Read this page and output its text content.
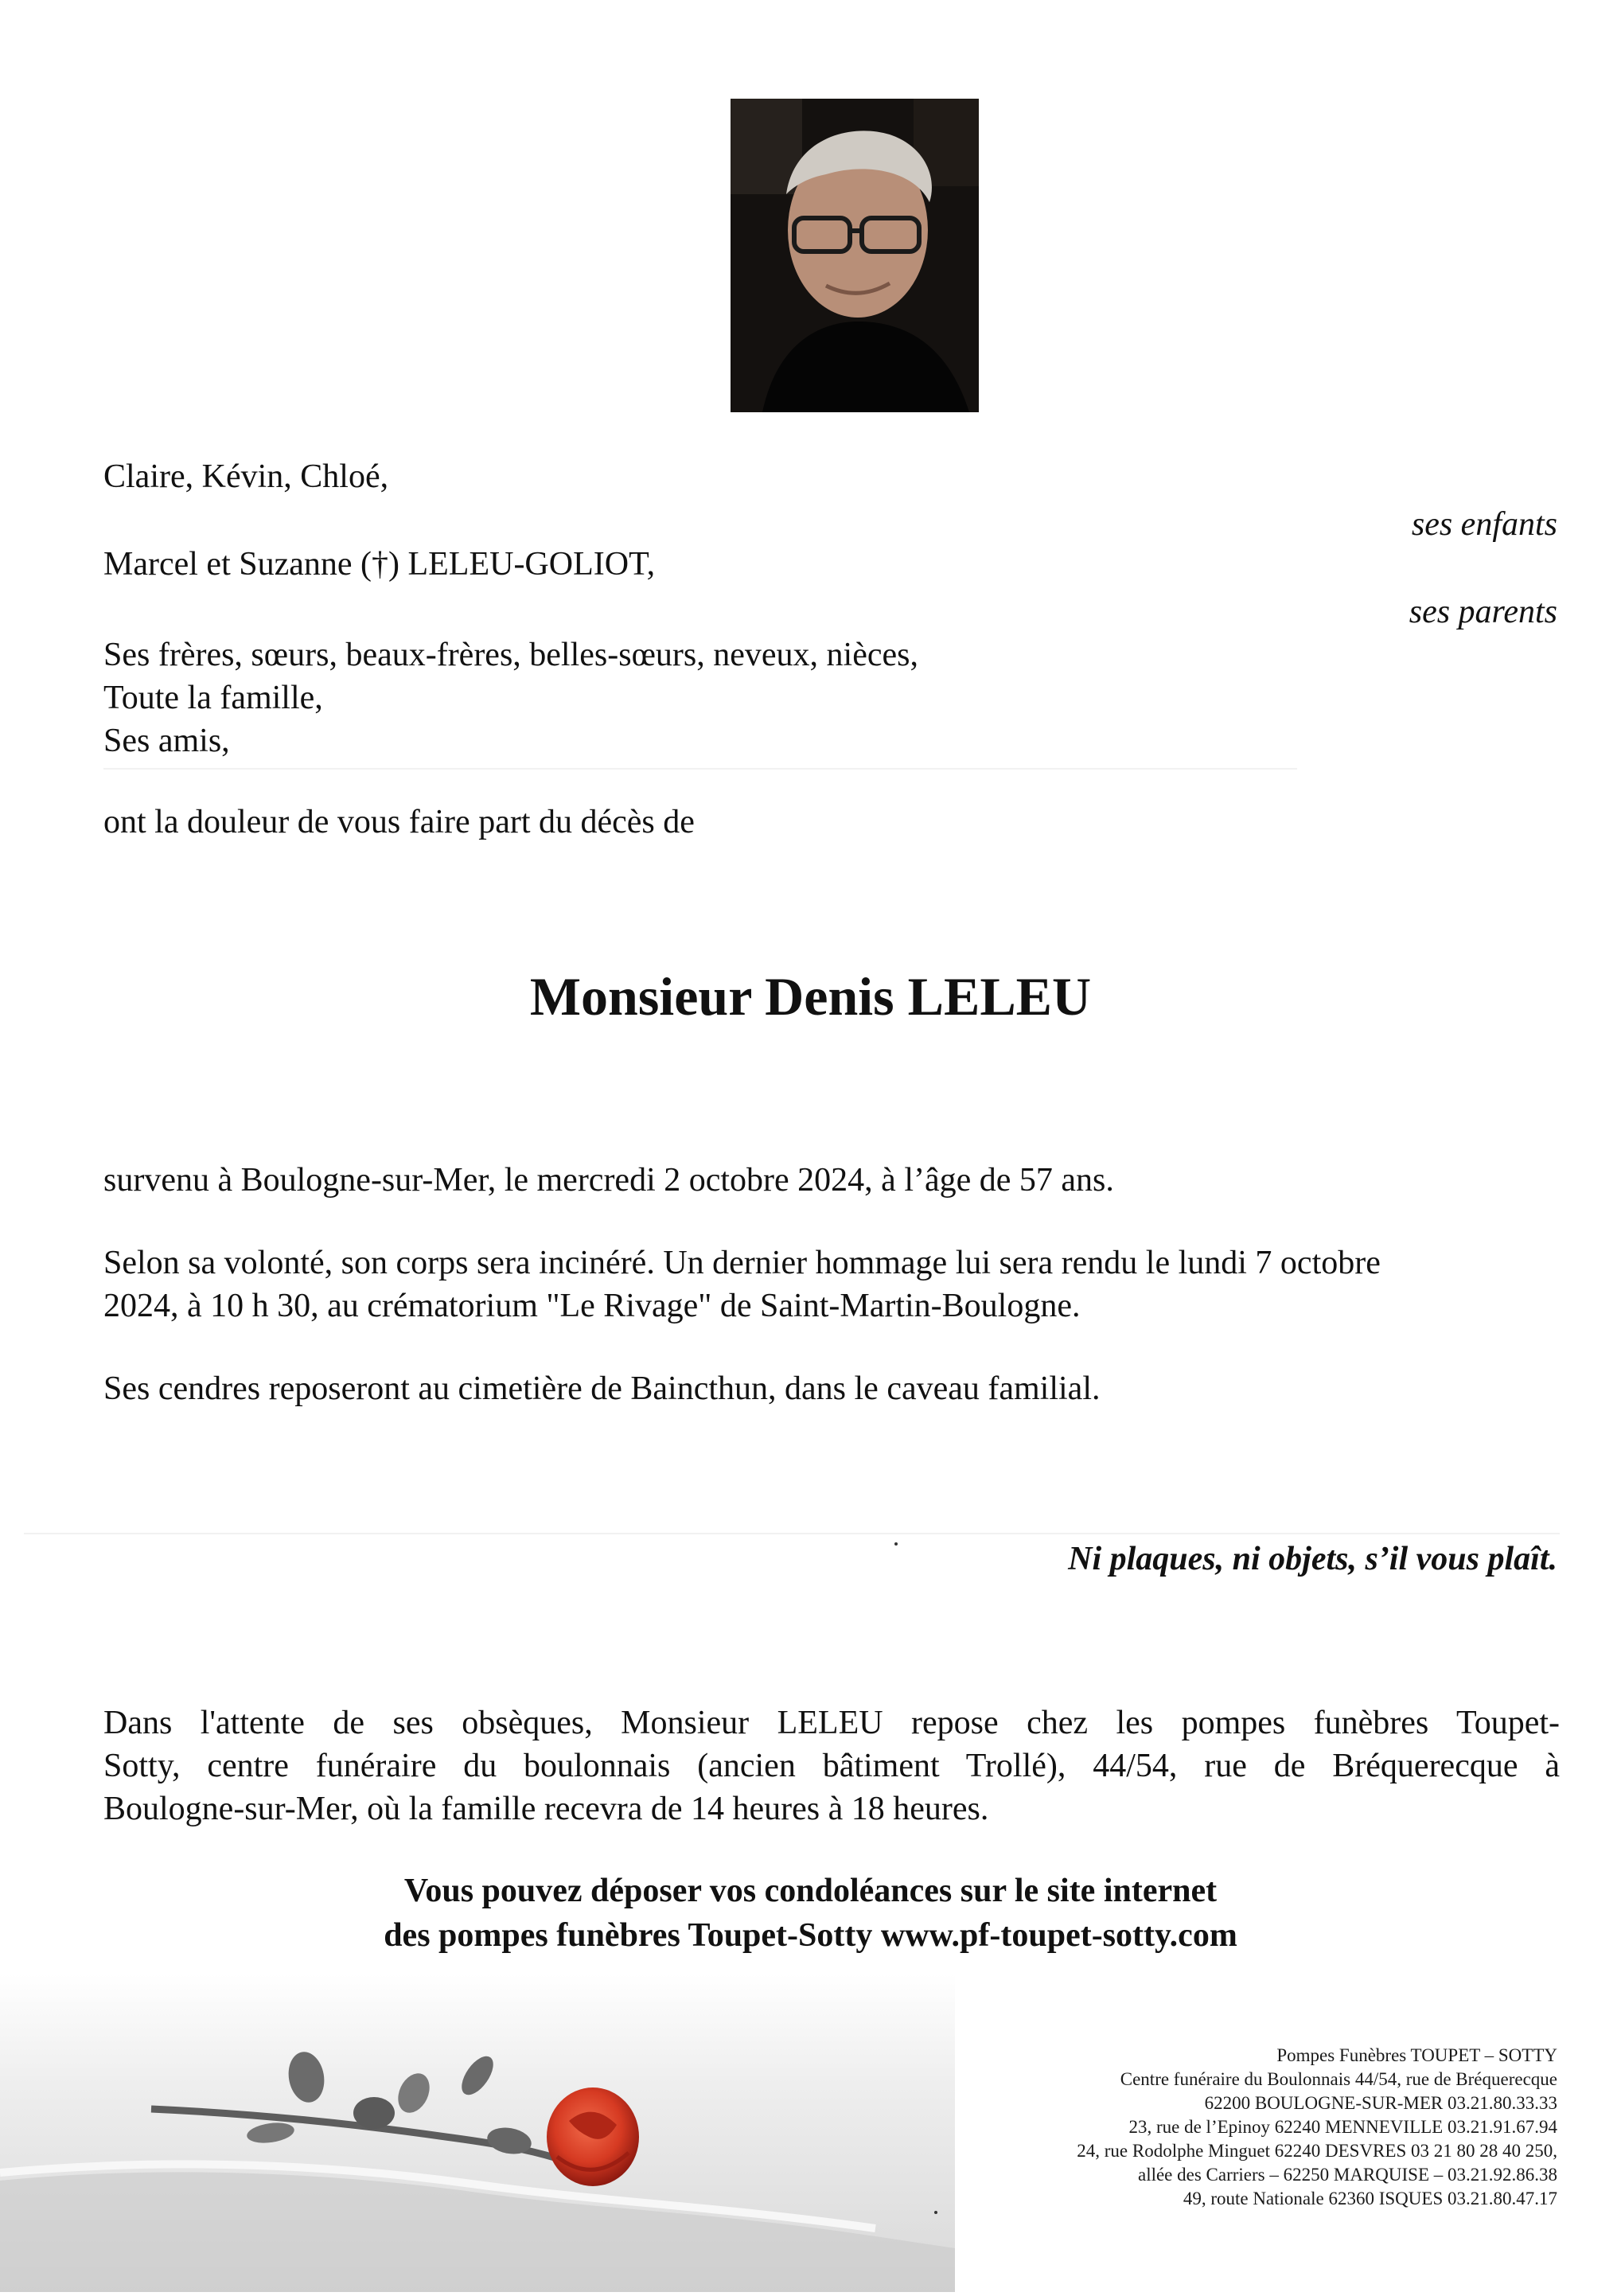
Claire, Kévin, Chloé,
ses enfants
Marcel et Suzanne (†) LELEU-GOLIOT,
ses parents
Ses frères, sœurs, beaux-frères, belles-sœurs, neveux, nièces,
Toute la famille,
Ses amis,
ont la douleur de vous faire part du décès de
Monsieur Denis LELEU
survenu à Boulogne-sur-Mer, le mercredi 2 octobre 2024, à l’âge de 57 ans.
Selon sa volonté, son corps sera incinéré. Un dernier hommage lui sera rendu le lundi 7 octobre
2024, à 10 h 30, au crématorium "Le Rivage" de Saint-Martin-Boulogne.
Ses cendres reposeront au cimetière de Baincthun, dans le caveau familial.
Ni plaques, ni objets, s’il vous plaît.
Dans l'attente de ses obsèques, Monsieur LELEU repose chez les pompes funèbres Toupet-
Sotty, centre funéraire du boulonnais (ancien bâtiment Trollé), 44/54, rue de Bréquerecque à
Boulogne-sur-Mer, où la famille recevra de 14 heures à 18 heures.
Vous pouvez déposer vos condoléances sur le site internet
des pompes funèbres Toupet-Sotty www.pf-toupet-sotty.com
Pompes Funèbres TOUPET – SOTTY
Centre funéraire du Boulonnais 44/54, rue de Bréquerecque
62200 BOULOGNE-SUR-MER 03.21.80.33.33
23, rue de l’Epinoy 62240 MENNEVILLE 03.21.91.67.94
24, rue Rodolphe Minguet 62240 DESVRES 03 21 80 28 40 250,
allée des Carriers – 62250 MARQUISE – 03.21.92.86.38
49, route Nationale 62360 ISQUES 03.21.80.47.17
